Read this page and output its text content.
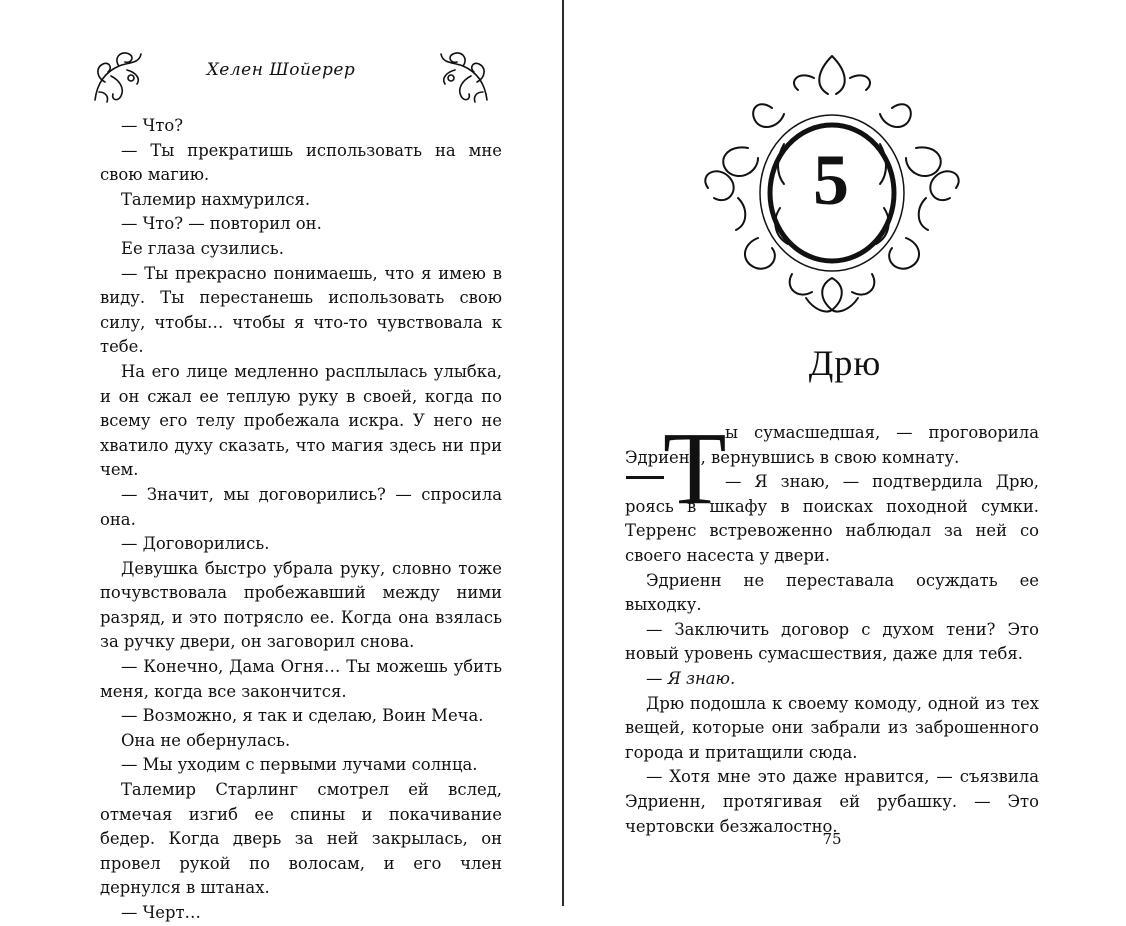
Хелен Шойерер

— Что?

— Ты прекратишь использовать на мне свою магию.

Талемир нахмурился.

— Что? — повторил он.

Ее глаза сузились.

— Ты прекрасно понимаешь, что я имею в виду. Ты перестанешь использовать свою силу, чтобы… чтобы я что-то чувствовала к тебе.

На его лице медленно расплылась улыбка, и он сжал ее теплую руку в своей, когда по всему его телу пробежала искра. У него не хватило духу сказать, что магия здесь ни при чем.

— Значит, мы договорились? — спросила она.

— Договорились.

Девушка быстро убрала руку, словно тоже почувствовала пробежавший между ними разряд, и это потрясло ее. Когда она взялась за ручку двери, он заговорил снова.

— Конечно, Дама Огня… Ты можешь убить меня, когда все закончится.

— Возможно, я так и сделаю, Воин Меча.

Она не обернулась.

— Мы уходим с первыми лучами солнца.

Талемир Старлинг смотрел ей вслед, отмечая изгиб ее спины и покачивание бедер. Когда дверь за ней закрылась, он провел рукой по волосам, и его член дернулся в штанах.

— Черт…

5
Дрю
Т

ы сумасшедшая, — проговорила Эдриенн, вернувшись в свою комнату.

— Я знаю, — подтвердила Дрю, роясь в шкафу в поисках походной сумки. Терренс встревоженно наблюдал за ней со своего насеста у двери.

Эдриенн не переставала осуждать ее выходку.

— Заключить договор с духом тени? Это новый уровень сумасшествия, даже для тебя.

— Я знаю.

Дрю подошла к своему комоду, одной из тех вещей, которые они забрали из заброшенного города и притащили сюда.

— Хотя мне это даже нравится, — съязвила Эдриенн, протягивая ей рубашку. — Это чертовски безжалостно.

75
